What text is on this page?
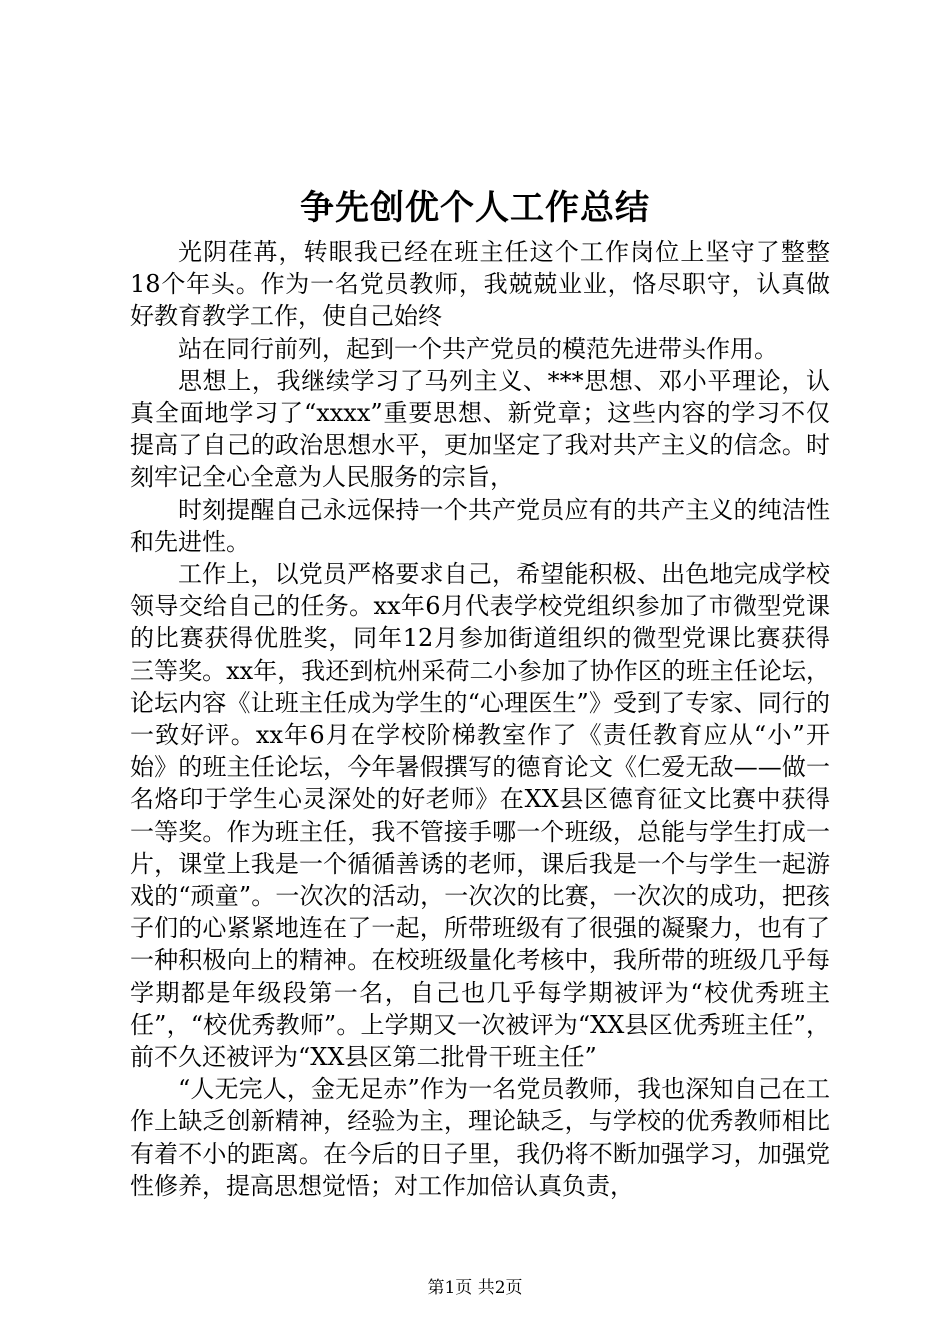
争先创优个人工作总结

光阴荏苒，转眼我已经在班主任这个工作岗位上坚守了整整18个年头。作为一名党员教师，我兢兢业业，恪尽职守，认真做好教育教学工作，使自己始终

站在同行前列，起到一个共产党员的模范先进带头作用。

思想上，我继续学习了马列主义、***思想、邓小平理论，认真全面地学习了“xxxx”重要思想、新党章；这些内容的学习不仅提高了自己的政治思想水平，更加坚定了我对共产主义的信念。时刻牢记全心全意为人民服务的宗旨，

时刻提醒自己永远保持一个共产党员应有的共产主义的纯洁性和先进性。

工作上，以党员严格要求自己，希望能积极、出色地完成学校领导交给自己的任务。xx年6月代表学校党组织参加了市微型党课的比赛获得优胜奖，同年12月参加街道组织的微型党课比赛获得三等奖。xx年，我还到杭州采荷二小参加了协作区的班主任论坛，论坛内容《让班主任成为学生的“心理医生”》受到了专家、同行的一致好评。xx年6月在学校阶梯教室作了《责任教育应从“小”开始》的班主任论坛，今年暑假撰写的德育论文《仁爱无敌——做一名烙印于学生心灵深处的好老师》在XX县区德育征文比赛中获得一等奖。作为班主任，我不管接手哪一个班级，总能与学生打成一片，课堂上我是一个循循善诱的老师，课后我是一个与学生一起游戏的“顽童”。一次次的活动，一次次的比赛，一次次的成功，把孩子们的心紧紧地连在了一起，所带班级有了很强的凝聚力，也有了一种积极向上的精神。在校班级量化考核中，我所带的班级几乎每学期都是年级段第一名，自己也几乎每学期被评为“校优秀班主任”，“校优秀教师”。上学期又一次被评为“XX县区优秀班主任”，前不久还被评为“XX县区第二批骨干班主任”

“人无完人，金无足赤”作为一名党员教师，我也深知自己在工作上缺乏创新精神，经验为主，理论缺乏，与学校的优秀教师相比有着不小的距离。在今后的日子里，我仍将不断加强学习，加强党性修养，提高思想觉悟；对工作加倍认真负责，

第1页 共2页
